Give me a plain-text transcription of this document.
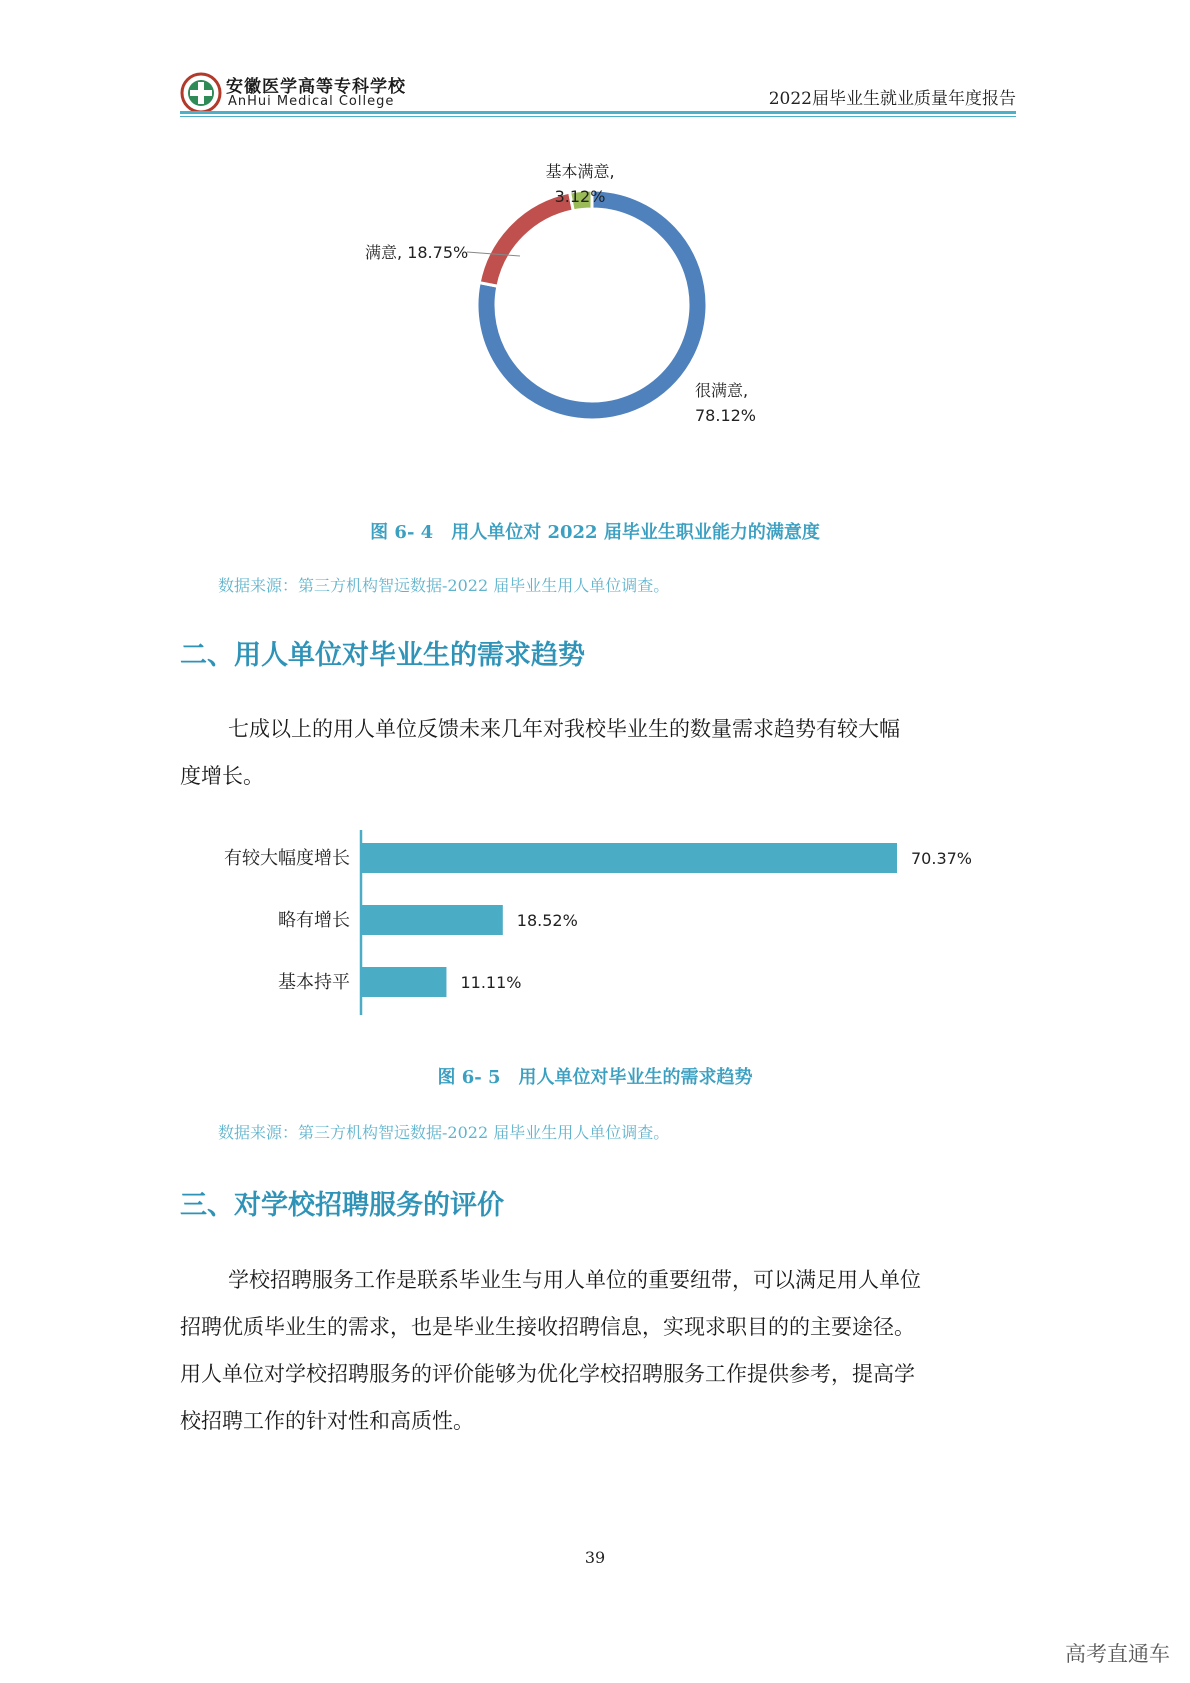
安徽医学高等专科学校
AnHui Medical College	2022届毕业生就业质量年度报告
基本满意,
3.12%
满意, 18.75%
很满意,
78.12%
图 6- 4　用人单位对 2022 届毕业生职业能力的满意度
数据来源：第三方机构智远数据-2022 届毕业生用人单位调查。
二、用人单位对毕业生的需求趋势
七成以上的用人单位反馈未来几年对我校毕业生的数量需求趋势有较大幅
度增长。
有较大幅度增长	70.37%
略有增长	18.52%
基本持平	11.11%
图 6- 5　用人单位对毕业生的需求趋势
数据来源：第三方机构智远数据-2022 届毕业生用人单位调查。
三、对学校招聘服务的评价
学校招聘服务工作是联系毕业生与用人单位的重要纽带，可以满足用人单位
招聘优质毕业生的需求，也是毕业生接收招聘信息，实现求职目的的主要途径。
用人单位对学校招聘服务的评价能够为优化学校招聘服务工作提供参考，提高学
校招聘工作的针对性和高质性。
39
高考直通车
